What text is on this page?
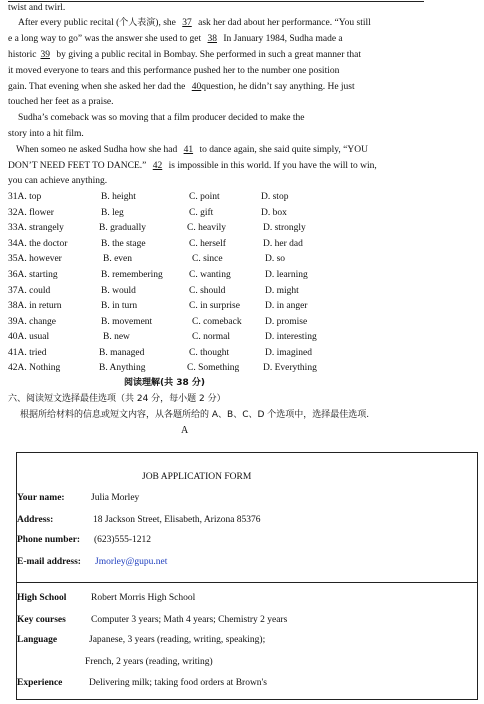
twist and twirl.
After every public recital (个人表演), she 37 ask her dad about her performance. “You still
e a long way to go” was the answer she used to get 38 In January 1984, Sudha made a
historic 39 by giving a public recital in Bombay. She performed in such a great manner that
it moved everyone to tears and this performance pushed her to the number one position
gain. That evening when she asked her dad the 40question, he didn’t say anything. He just
touched her feet as a praise.
Sudha’s comeback was so moving that a film producer decided to make the
story into a hit film.
When someo ne asked Sudha how she had 41 to dance again, she said quite simply, “YOU
DON’T NEED FEET TO DANCE.” 42 is impossible in this world. If you have the will to win,
you can achieve anything.
31A. top	B. height	C. point	D. stop
32A. flower	B. leg	C. gift	D. box
33A. strangely	B. gradually	C. heavily	D. strongly
34A. the doctor	B. the stage	C. herself	D. her dad
35A. however	B. even	C. since	D. so
36A. starting	B. remembering	C. wanting	D. learning
37A. could	B. would	C. should	D. might
38A. in return	B. in turn	C. in surprise	D. in anger
39A. change	B. movement	C. comeback D. promise
40A. usual	B. new	C. normal	D. interesting
41A. tried	B. managed	C. thought	D. imagined
42A. Nothing	B. Anything	C. Something D. Everything
阅读理解(共 38 分)
六、阅读短文选择最佳选项（共 24 分，每小题 2 分）
根据所给材料的信息或短文内容，从各题所给的 A、B、C、D 个选项中，选择最佳选项.
A
JOB APPLICATION FORM
Your name:	Julia Morley
Address:	18 Jackson Street, Elisabeth, Arizona 85376
Phone number: (623)555-1212
E-mail address: Jmorley@gupu.net
High School	Robert Morris High School
Key courses	Computer 3 years; Math 4 years; Chemistry 2 years
Language	Japanese, 3 years (reading, writing, speaking);
French, 2 years (reading, writing)
Experience	Delivering milk; taking food orders at Brown's
